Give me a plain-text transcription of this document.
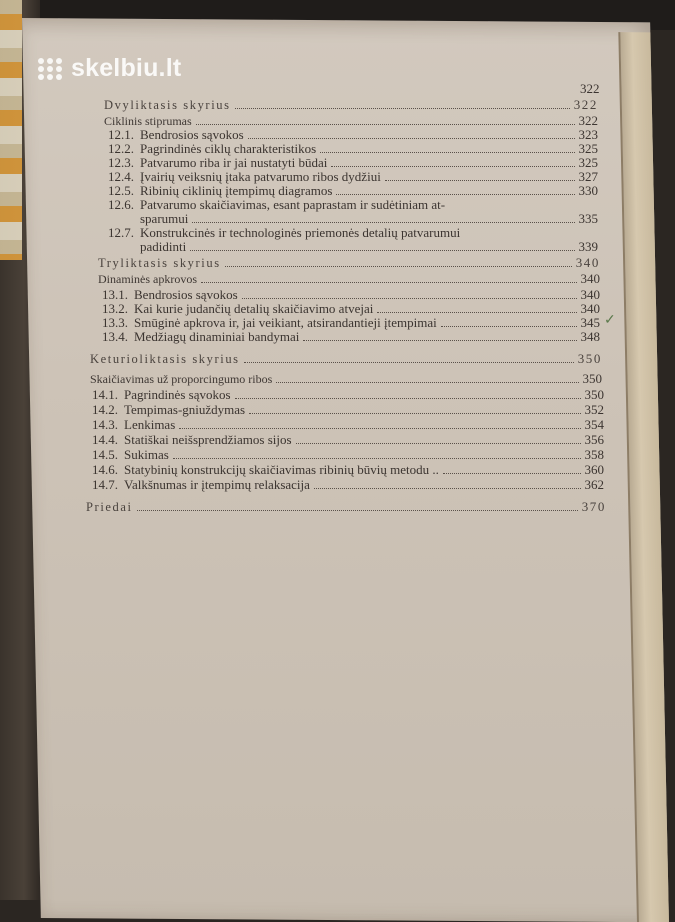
skelbiu.lt
322
Dvyliktasis skyrius	322
Ciklinis stiprumas	322
12.1. Bendrosios sąvokos	323
12.2. Pagrindinės ciklų charakteristikos	325
12.3. Patvarumo riba ir jai nustatyti būdai	325
12.4. Įvairių veiksnių įtaka patvarumo ribos dydžiui	327
12.5. Ribinių ciklinių įtempimų diagramos	330
12.6. Patvarumo skaičiavimas, esant paprastam ir sudėtiniam at-
sparumui	335
12.7. Konstrukcinės ir technologinės priemonės detalių patvarumui
padidinti	339
Tryliktasis skyrius	340
Dinaminės apkrovos	340
13.1. Bendrosios sąvokos	340
13.2. Kai kurie judančių detalių skaičiavimo atvejai	340
13.3. Smūginė apkrova ir, jai veikiant, atsirandantieji įtempimai	345
13.4. Medžiagų dinaminiai bandymai	348
Keturioliktasis skyrius	350
Skaičiavimas už proporcingumo ribos	350
14.1. Pagrindinės sąvokos	350
14.2. Tempimas-gniuždymas	352
14.3. Lenkimas	354
14.4. Statiškai neišsprendžiamos sijos	356
14.5. Sukimas	358
14.6. Statybinių konstrukcijų skaičiavimas ribinių būvių metodu ..	360
14.7. Valkšnumas ir įtempimų relaksacija	362
Priedai	370
✓
